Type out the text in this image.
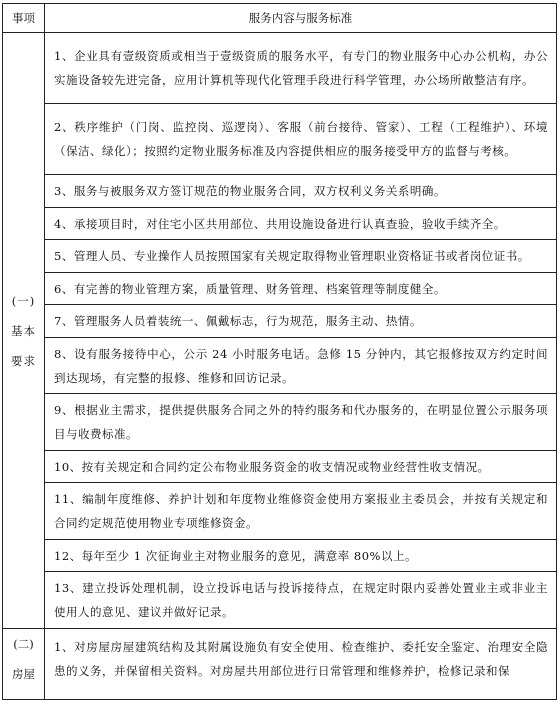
事项	服务内容与服务标准
(一)
基本
要求	1、企业具有壹级资质或相当于壹级资质的服务水平，有专门的物业服务中心办公机构，办公实施设备较先进完备，应用计算机等现代化管理手段进行科学管理，办公场所敞整洁有序。
	2、秩序维护（门岗、监控岗、巡逻岗）、客服（前台接待、管家）、工程（工程维护）、环境（保洁、绿化）；按照约定物业服务标准及内容提供相应的服务接受甲方的监督与考核。
	3、服务与被服务双方签订规范的物业服务合同，双方权利义务关系明确。
	4、承接项目时，对住宅小区共用部位、共用设施设备进行认真查验，验收手续齐全。
	5、管理人员、专业操作人员按照国家有关规定取得物业管理职业资格证书或者岗位证书。
	6、有完善的物业管理方案，质量管理、财务管理、档案管理等制度健全。
	7、管理服务人员着装统一、佩戴标志，行为规范，服务主动、热情。
	8、设有服务接待中心，公示 24 小时服务电话。急修 15 分钟内，其它报修按双方约定时间到达现场，有完整的报修、维修和回访记录。
	9、根据业主需求，提供提供服务合同之外的特约服务和代办服务的，在明显位置公示服务项目与收费标准。
	10、按有关规定和合同约定公布物业服务资金的收支情况或物业经营性收支情况。
	11、编制年度维修、养护计划和年度物业维修资金使用方案报业主委员会，并按有关规定和合同约定规范使用物业专项维修资金。
	12、每年至少 1 次征询业主对物业服务的意见，满意率 80%以上。
	13、建立投诉处理机制，设立投诉电话与投诉接待点，在规定时限内妥善处置业主或非业主使用人的意见、建议并做好记录。
(二)
房屋	1、对房屋房屋建筑结构及其附属设施负有安全使用、检查维护、委托安全鉴定、治理安全隐患的义务，并保留相关资料。对房屋共用部位进行日常管理和维修养护，检修记录和保
